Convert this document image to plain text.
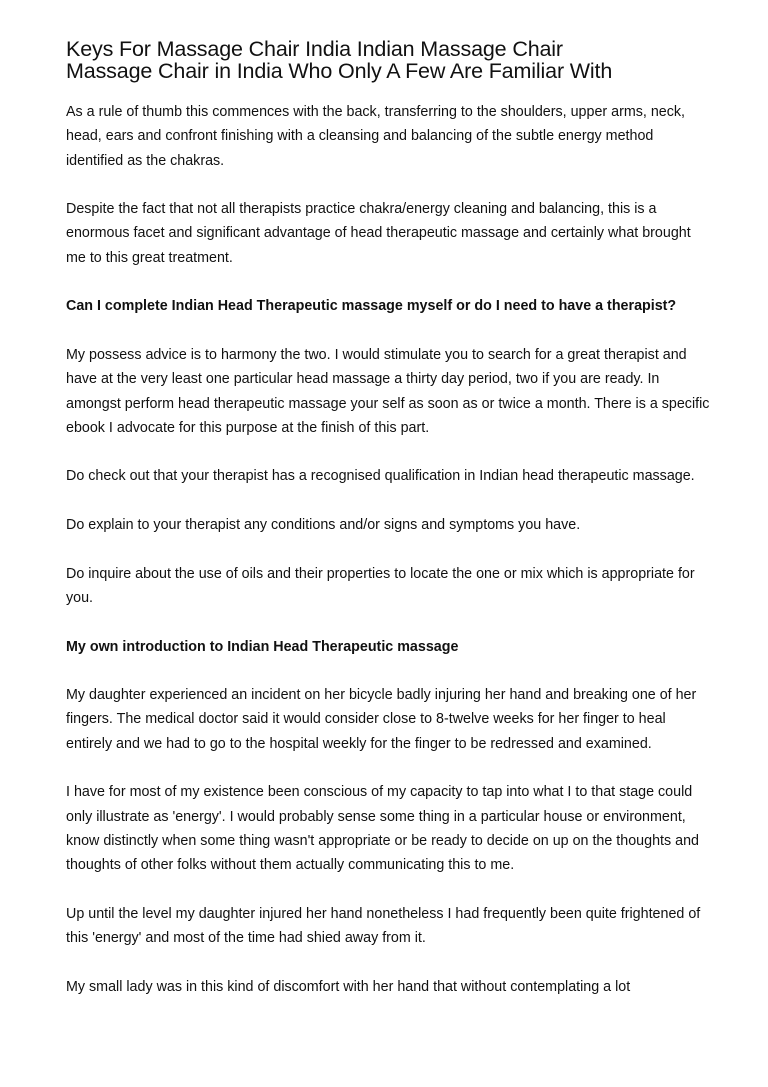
Keys For Massage Chair India Indian Massage Chair
Massage Chair in India Who Only A Few Are Familiar With

As a rule of thumb this commences with the back, transferring to the shoulders, upper arms, neck, head, ears and confront finishing with a cleansing and balancing of the subtle energy method identified as the chakras.

Despite the fact that not all therapists practice chakra/energy cleaning and balancing, this is a enormous facet and significant advantage of head therapeutic massage and certainly what brought me to this great treatment.

Can I complete Indian Head Therapeutic massage myself or do I need to have a therapist?

My possess advice is to harmony the two. I would stimulate you to search for a great therapist and have at the very least one particular head massage a thirty day period, two if you are ready. In amongst perform head therapeutic massage your self as soon as or twice a month. There is a specific ebook I advocate for this purpose at the finish of this part.

Do check out that your therapist has a recognised qualification in Indian head therapeutic massage.

Do explain to your therapist any conditions and/or signs and symptoms you have.

Do inquire about the use of oils and their properties to locate the one or mix which is appropriate for you.

My own introduction to Indian Head Therapeutic massage

My daughter experienced an incident on her bicycle badly injuring her hand and breaking one of her fingers. The medical doctor said it would consider close to 8-twelve weeks for her finger to heal entirely and we had to go to the hospital weekly for the finger to be redressed and examined.

I have for most of my existence been conscious of my capacity to tap into what I to that stage could only illustrate as 'energy'. I would probably sense some thing in a particular house or environment, know distinctly when some thing wasn't appropriate or be ready to decide on up on the thoughts and thoughts of other folks without them actually communicating this to me.

Up until the level my daughter injured her hand nonetheless I had frequently been quite frightened of this 'energy' and most of the time had shied away from it.

My small lady was in this kind of discomfort with her hand that without contemplating a lot
